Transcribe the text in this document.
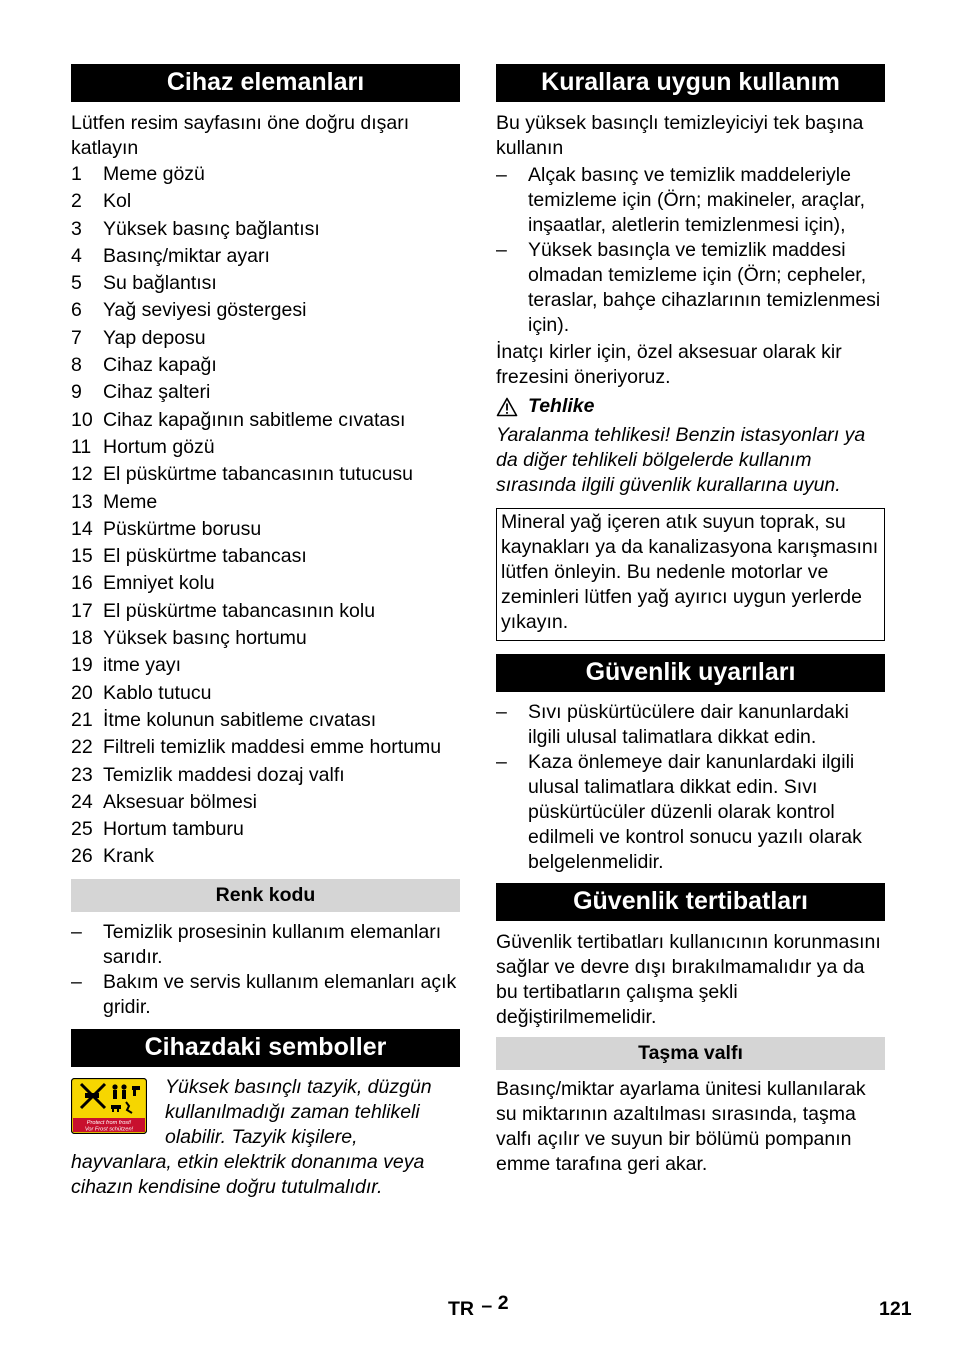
Cihaz elemanları

Lütfen resim sayfasını öne doğru dışarı katlayın

1 Meme gözü
2 Kol
3 Yüksek basınç bağlantısı
4 Basınç/miktar ayarı
5 Su bağlantısı
6 Yağ seviyesi göstergesi
7 Yap deposu
8 Cihaz kapağı
9 Cihaz şalteri
10 Cihaz kapağının sabitleme cıvatası
11 Hortum gözü
12 El püskürtme tabancasının tutucusu
13 Meme
14 Püskürtme borusu
15 El püskürtme tabancası
16 Emniyet kolu
17 El püskürtme tabancasının kolu
18 Yüksek basınç hortumu
19 itme yayı
20 Kablo tutucu
21 İtme kolunun sabitleme cıvatası
22 Filtreli temizlik maddesi emme hortumu
23 Temizlik maddesi dozaj valfı
24 Aksesuar bölmesi
25 Hortum tamburu
26 Krank
Renk kodu
– Temizlik prosesinin kullanım elemanları sarıdır.
– Bakım ve servis kullanım elemanları açık gridir.
Cihazdaki semboller
Protect from frost!
Vor Frost schützen!
Yüksek basınçlı tazyik, düzgün kullanılmadığı zaman tehlikeli olabilir. Tazyik kişilere, hayvanlara, etkin elektrik donanıma veya cihazın kendisine doğru tutulmalıdır.
Kurallara uygun kullanım

Bu yüksek basınçlı temizleyiciyi tek başına kullanın

– Alçak basınç ve temizlik maddeleriyle temizleme için (Örn; makineler, araçlar, inşaatlar, aletlerin temizlenmesi için),
– Yüksek basınçla ve temizlik maddesi olmadan temizleme için (Örn; cepheler, teraslar, bahçe cihazlarının temizlenmesi için).

İnatçı kirler için, özel aksesuar olarak kir frezesini öneriyoruz.

Tehlike

Yaralanma tehlikesi! Benzin istasyonları ya da diğer tehlikeli bölgelerde kullanım sırasında ilgili güvenlik kurallarına uyun.

Mineral yağ içeren atık suyun toprak, su kaynakları ya da kanalizasyona karışmasını lütfen önleyin. Bu nedenle motorlar ve zeminleri lütfen yağ ayırıcı uygun yerlerde yıkayın.
Güvenlik uyarıları
– Sıvı püskürtücülere dair kanunlardaki ilgili ulusal talimatlara dikkat edin.
– Kaza önlemeye dair kanunlardaki ilgili ulusal talimatlara dikkat edin. Sıvı püskürtücüler düzenli olarak kontrol edilmeli ve kontrol sonucu yazılı olarak belgelenmelidir.
Güvenlik tertibatları

Güvenlik tertibatları kullanıcının korunmasını sağlar ve devre dışı bırakılmamalıdır ya da bu tertibatların çalışma şekli değiştirilmemelidir.

Taşma valfı

Basınç/miktar ayarlama ünitesi kullanılarak su miktarının azaltılması sırasında, taşma valfı açılır ve suyun bir bölümü pompanın emme tarafına geri akar.

TR – 2	121
